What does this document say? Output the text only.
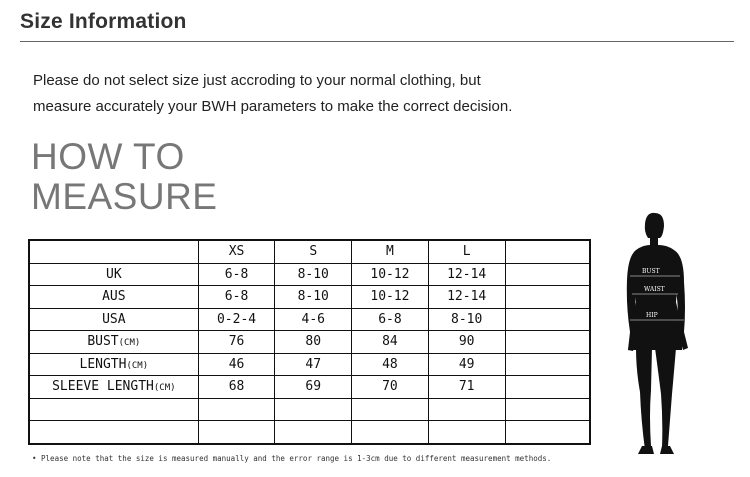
Size Information
Please do not select size just accroding to your normal clothing, but
measure accurately your BWH parameters to make the correct decision.
HOW TO
MEASURE
	XS	S	M	L	
UK	6-8	8-10	10-12	12-14	
AUS	6-8	8-10	10-12	12-14	
USA	0-2-4	4-6	6-8	8-10	
BUST(CM)	76	80	84	90	
LENGTH(CM)	46	47	48	49	
SLEEVE LENGTH(CM)	68	69	70	71	

• Please note that the size is measured manually and the error range is 1-3cm due to different measurement methods.
BUST
WAIST
HIP
